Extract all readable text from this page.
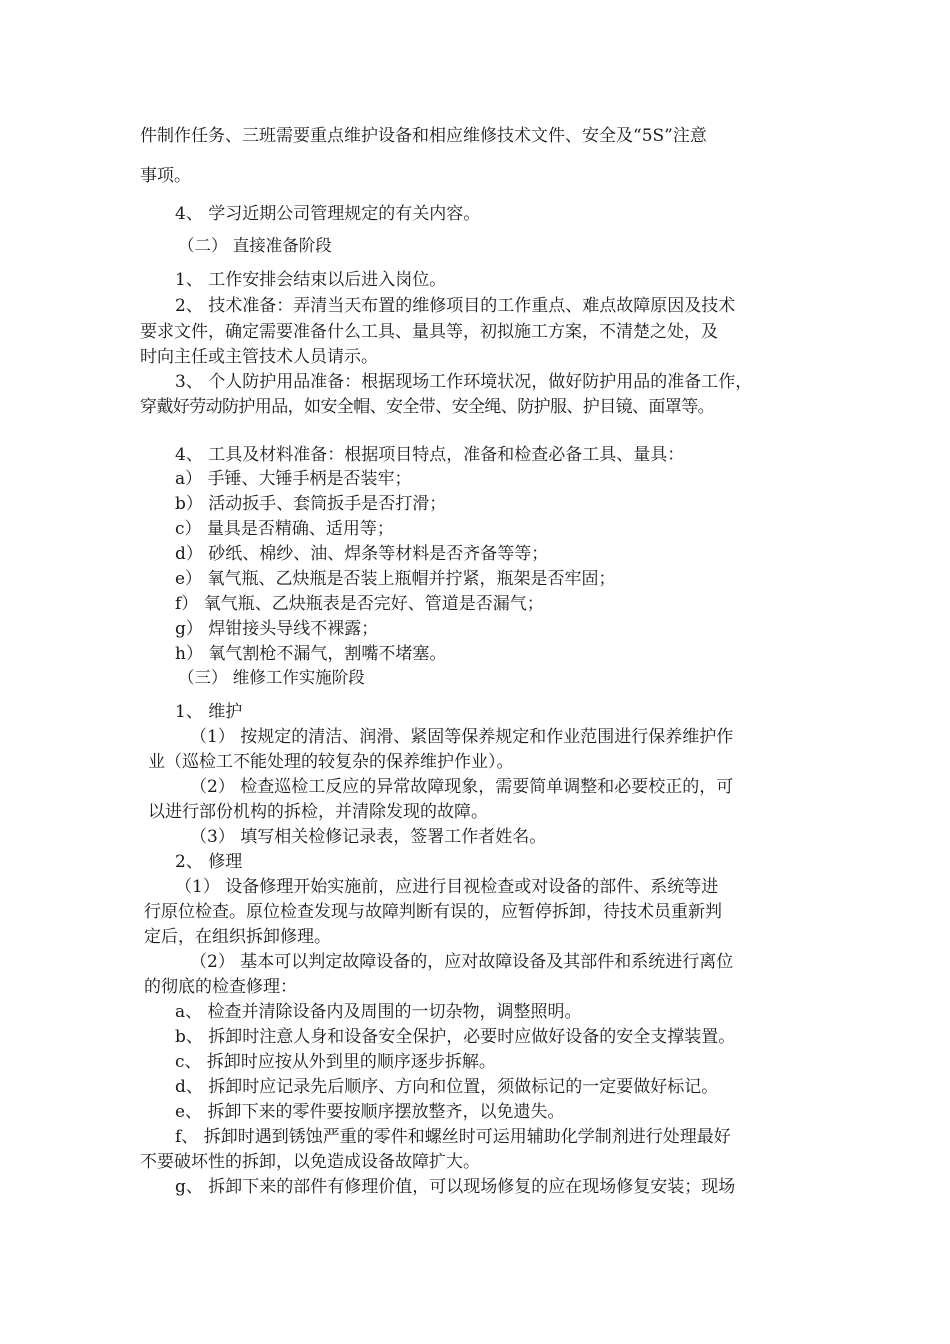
件制作任务、三班需要重点维护设备和相应维修技术文件、安全及“5S”注意
事项。
4、 学习近期公司管理规定的有关内容。
（二） 直接准备阶段
1、 工作安排会结束以后进入岗位。
2、 技术准备：弄清当天布置的维修项目的工作重点、难点故障原因及技术
要求文件，确定需要准备什么工具、量具等，初拟施工方案，不清楚之处，及
时向主任或主管技术人员请示。
3、 个人防护用品准备：根据现场工作环境状况，做好防护用品的准备工作，
穿戴好劳动防护用品，如安全帽、安全带、安全绳、防护服、护目镜、面罩等。
4、 工具及材料准备：根据项目特点，准备和检查必备工具、量具：
a） 手锤、大锤手柄是否装牢；
b） 活动扳手、套筒扳手是否打滑；
c） 量具是否精确、适用等；
d） 砂纸、棉纱、油、焊条等材料是否齐备等等；
e） 氧气瓶、乙炔瓶是否装上瓶帽并拧紧，瓶架是否牢固；
f） 氧气瓶、乙炔瓶表是否完好、管道是否漏气；
g） 焊钳接头导线不裸露；
h） 氧气割枪不漏气，割嘴不堵塞。
（三） 维修工作实施阶段
1、 维护
（1） 按规定的清洁、润滑、紧固等保养规定和作业范围进行保养维护作
业（巡检工不能处理的较复杂的保养维护作业）。
（2） 检查巡检工反应的异常故障现象，需要简单调整和必要校正的，可
以进行部份机构的拆检，并清除发现的故障。
（3） 填写相关检修记录表，签署工作者姓名。
2、 修理
（1） 设备修理开始实施前，应进行目视检查或对设备的部件、系统等进
行原位检查。原位检查发现与故障判断有误的，应暂停拆卸，待技术员重新判
定后，在组织拆卸修理。
（2） 基本可以判定故障设备的，应对故障设备及其部件和系统进行离位
的彻底的检查修理：
a、 检查并清除设备内及周围的一切杂物，调整照明。
b、 拆卸时注意人身和设备安全保护，必要时应做好设备的安全支撑装置。
c、 拆卸时应按从外到里的顺序逐步拆解。
d、 拆卸时应记录先后顺序、方向和位置，须做标记的一定要做好标记。
e、 拆卸下来的零件要按顺序摆放整齐，以免遗失。
f、 拆卸时遇到锈蚀严重的零件和螺丝时可运用辅助化学制剂进行处理最好
不要破坏性的拆卸，以免造成设备故障扩大。
g、 拆卸下来的部件有修理价值，可以现场修复的应在现场修复安装；现场
